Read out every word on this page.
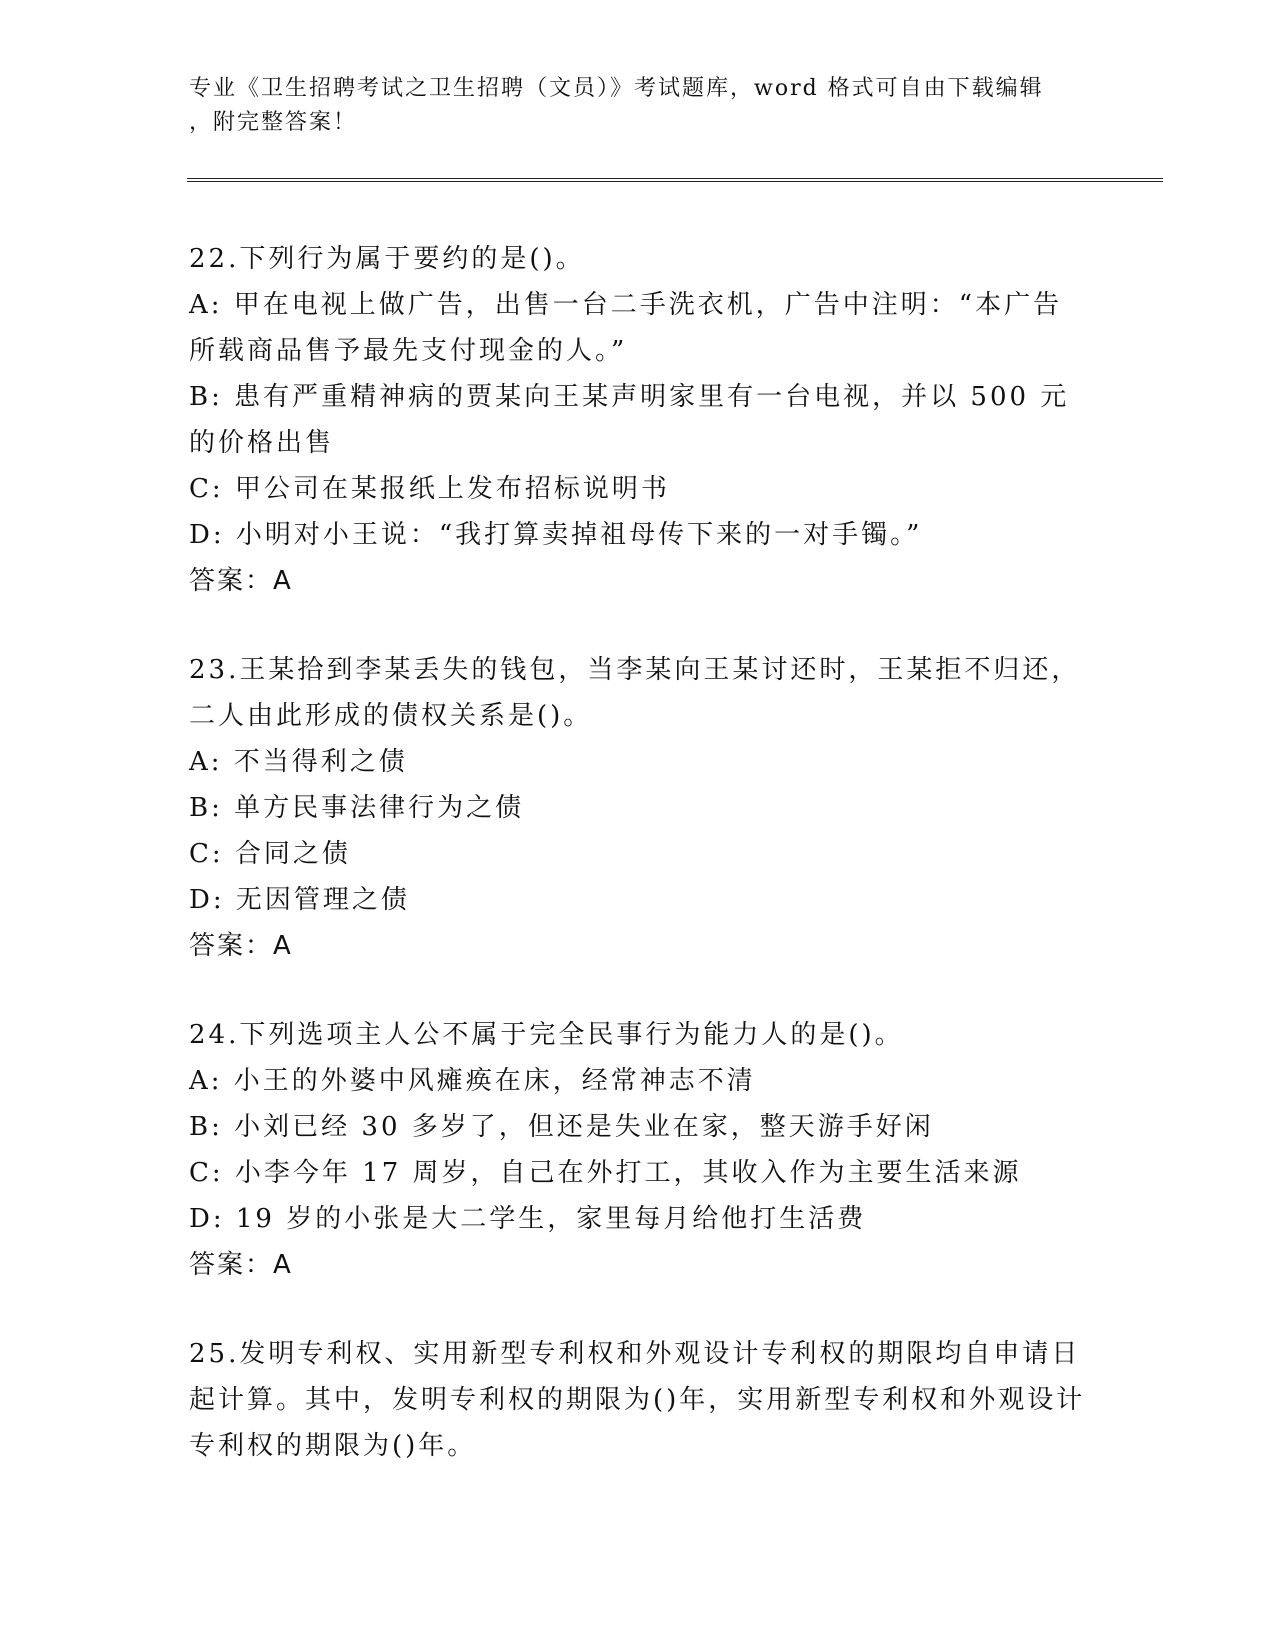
专业《卫生招聘考试之卫生招聘（文员）》考试题库，word 格式可自由下载编辑
，附完整答案！

22.下列行为属于要约的是()。

A: 甲在电视上做广告，出售一台二手洗衣机，广告中注明：“本广告所载商品售予最先支付现金的人。”

B: 患有严重精神病的贾某向王某声明家里有一台电视，并以 500 元的价格出售

C: 甲公司在某报纸上发布招标说明书

D: 小明对小王说：“我打算卖掉祖母传下来的一对手镯。”

答案：A

23.王某拾到李某丢失的钱包，当李某向王某讨还时，王某拒不归还，二人由此形成的债权关系是()。

A: 不当得利之债

B: 单方民事法律行为之债

C: 合同之债

D: 无因管理之债

答案：A

24.下列选项主人公不属于完全民事行为能力人的是()。

A: 小王的外婆中风瘫痪在床，经常神志不清

B: 小刘已经 30 多岁了，但还是失业在家，整天游手好闲

C: 小李今年 17 周岁，自己在外打工，其收入作为主要生活来源

D: 19 岁的小张是大二学生，家里每月给他打生活费

答案：A

25.发明专利权、实用新型专利权和外观设计专利权的期限均自申请日起计算。其中，发明专利权的期限为()年，实用新型专利权和外观设计专利权的期限为()年。
